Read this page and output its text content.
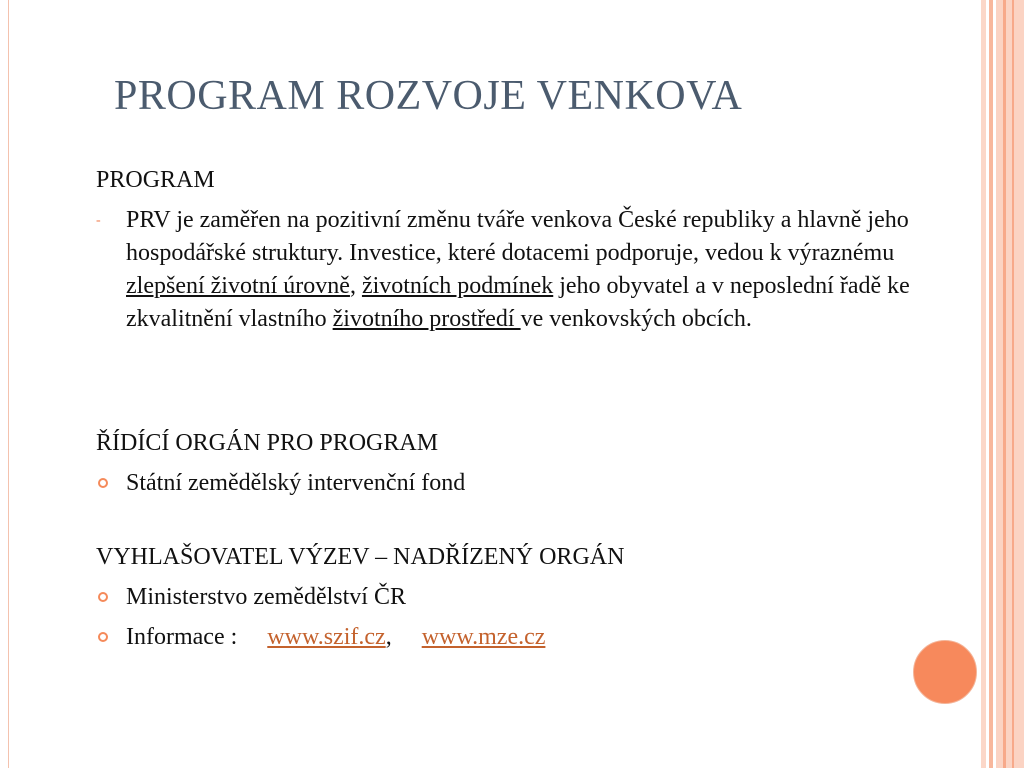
PROGRAM ROZVOJE VENKOVA

PROGRAM

- PRV je zaměřen na pozitivní změnu tváře venkova České republiky a hlavně jeho hospodářské struktury. Investice, které dotacemi podporuje, vedou k výraznému zlepšení životní úrovně, životních podmínek jeho obyvatel a v neposlední řadě ke zkvalitnění vlastního životního prostředí ve venkovských obcích.

ŘÍDÍCÍ ORGÁN PRO PROGRAM

Státní zemědělský intervenční fond

VYHLAŠOVATEL VÝZEV – NADŘÍZENÝ ORGÁN

Ministerstvo zemědělství ČR
Informace : www.szif.cz, www.mze.cz
